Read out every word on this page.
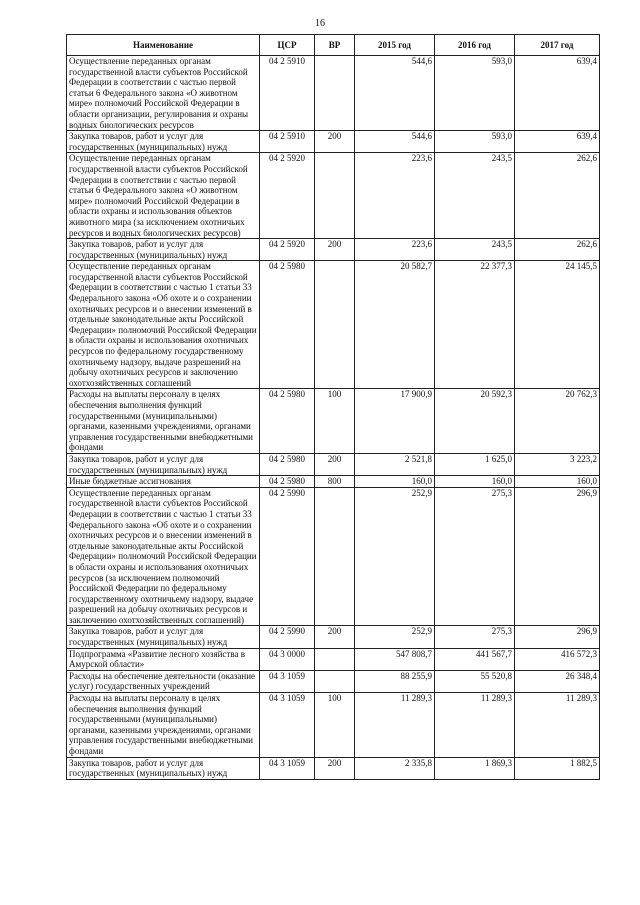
16
Наименование	ЦСР	ВР	2015 год	2016 год	2017 год
Осуществление переданных органам государственной власти субъектов Российской Федерации в соответствии с частью первой статьи 6 Федерального закона «О животном мире» полномочий Российской Федерации в области организации, регулирования и охраны водных биологических ресурсов	04 2 5910		544,6	593,0	639,4
Закупка товаров, работ и услуг для государственных (муниципальных) нужд	04 2 5910	200	544,6	593,0	639,4
Осуществление переданных органам государственной власти субъектов Российской Федерации в соответствии с частью первой статьи 6 Федерального закона «О животном мире» полномочий Российской Федерации в области охраны и использования объектов животного мира (за исключением охотничьих ресурсов и водных биологических ресурсов)	04 2 5920		223,6	243,5	262,6
Закупка товаров, работ и услуг для государственных (муниципальных) нужд	04 2 5920	200	223,6	243,5	262,6
Осуществление переданных органам государственной власти субъектов Российской Федерации в соответствии с частью 1 статьи 33 Федерального закона «Об охоте и о сохранении охотничьих ресурсов и о внесении изменений в отдельные законодательные акты Российской Федерации» полномочий Российской Федерации в области охраны и использования охотничьих ресурсов по федеральному государственному охотничьему надзору, выдаче разрешений на добычу охотничьих ресурсов и заключению охотхозяйственных соглашений	04 2 5980		20 582,7	22 377,3	24 145,5
Расходы на выплаты персоналу в целях обеспечения выполнения функций государственными (муниципальными) органами, казенными учреждениями, органами управления государственными внебюджетными фондами	04 2 5980	100	17 900,9	20 592,3	20 762,3
Закупка товаров, работ и услуг для государственных (муниципальных) нужд	04 2 5980	200	2 521,8	1 625,0	3 223,2
Иные бюджетные ассигнования	04 2 5980	800	160,0	160,0	160,0
Осуществление переданных органам государственной власти субъектов Российской Федерации в соответствии с частью 1 статьи 33 Федерального закона «Об охоте и о сохранении охотничьих ресурсов и о внесении изменений в отдельные законодательные акты Российской Федерации» полномочий Российской Федерации в области охраны и использования охотничьих ресурсов (за исключением полномочий Российской Федерации по федеральному государственному охотничьему надзору, выдаче разрешений на добычу охотничьих ресурсов и заключению охотхозяйственных соглашений)	04 2 5990		252,9	275,3	296,9
Закупка товаров, работ и услуг для государственных (муниципальных) нужд	04 2 5990	200	252,9	275,3	296,9
Подпрограмма «Развитие лесного хозяйства в Амурской области»	04 3 0000		547 808,7	441 567,7	416 572,3
Расходы на обеспечение деятельности (оказание услуг) государственных учреждений	04 3 1059		88 255,9	55 520,8	26 348,4
Расходы на выплаты персоналу в целях обеспечения выполнения функций государственными (муниципальными) органами, казенными учреждениями, органами управления государственными внебюджетными фондами	04 3 1059	100	11 289,3	11 289,3	11 289,3
Закупка товаров, работ и услуг для государственных (муниципальных) нужд	04 3 1059	200	2 335,8	1 869,3	1 882,5
